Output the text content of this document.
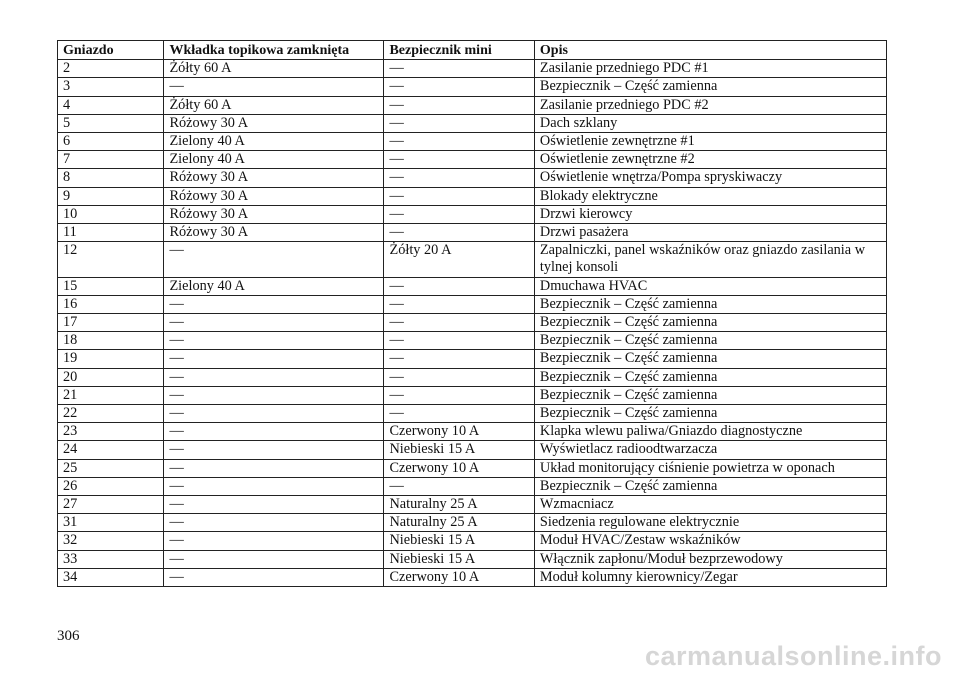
Gniazdo	Wkładka topikowa zamknięta	Bezpiecznik mini	Opis
2	Żółty 60 A	—	Zasilanie przedniego PDC #1
3	—	—	Bezpiecznik – Część zamienna
4	Żółty 60 A	—	Zasilanie przedniego PDC #2
5	Różowy 30 A	—	Dach szklany
6	Zielony 40 A	—	Oświetlenie zewnętrzne #1
7	Zielony 40 A	—	Oświetlenie zewnętrzne #2
8	Różowy 30 A	—	Oświetlenie wnętrza/Pompa spryskiwaczy
9	Różowy 30 A	—	Blokady elektryczne
10	Różowy 30 A	—	Drzwi kierowcy
11	Różowy 30 A	—	Drzwi pasażera
12	—	Żółty 20 A	Zapalniczki, panel wskaźników oraz gniazdo zasilania w tylnej konsoli
15	Zielony 40 A	—	Dmuchawa HVAC
16	—	—	Bezpiecznik – Część zamienna
17	—	—	Bezpiecznik – Część zamienna
18	—	—	Bezpiecznik – Część zamienna
19	—	—	Bezpiecznik – Część zamienna
20	—	—	Bezpiecznik – Część zamienna
21	—	—	Bezpiecznik – Część zamienna
22	—	—	Bezpiecznik – Część zamienna
23	—	Czerwony 10 A	Klapka wlewu paliwa/Gniazdo diagnostyczne
24	—	Niebieski 15 A	Wyświetlacz radioodtwarzacza
25	—	Czerwony 10 A	Układ monitorujący ciśnienie powietrza w oponach
26	—	—	Bezpiecznik – Część zamienna
27	—	Naturalny 25 A	Wzmacniacz
31	—	Naturalny 25 A	Siedzenia regulowane elektrycznie
32	—	Niebieski 15 A	Moduł HVAC/Zestaw wskaźników
33	—	Niebieski 15 A	Włącznik zapłonu/Moduł bezprzewodowy
34	—	Czerwony 10 A	Moduł kolumny kierownicy/Zegar
306
carmanualsonline.info
